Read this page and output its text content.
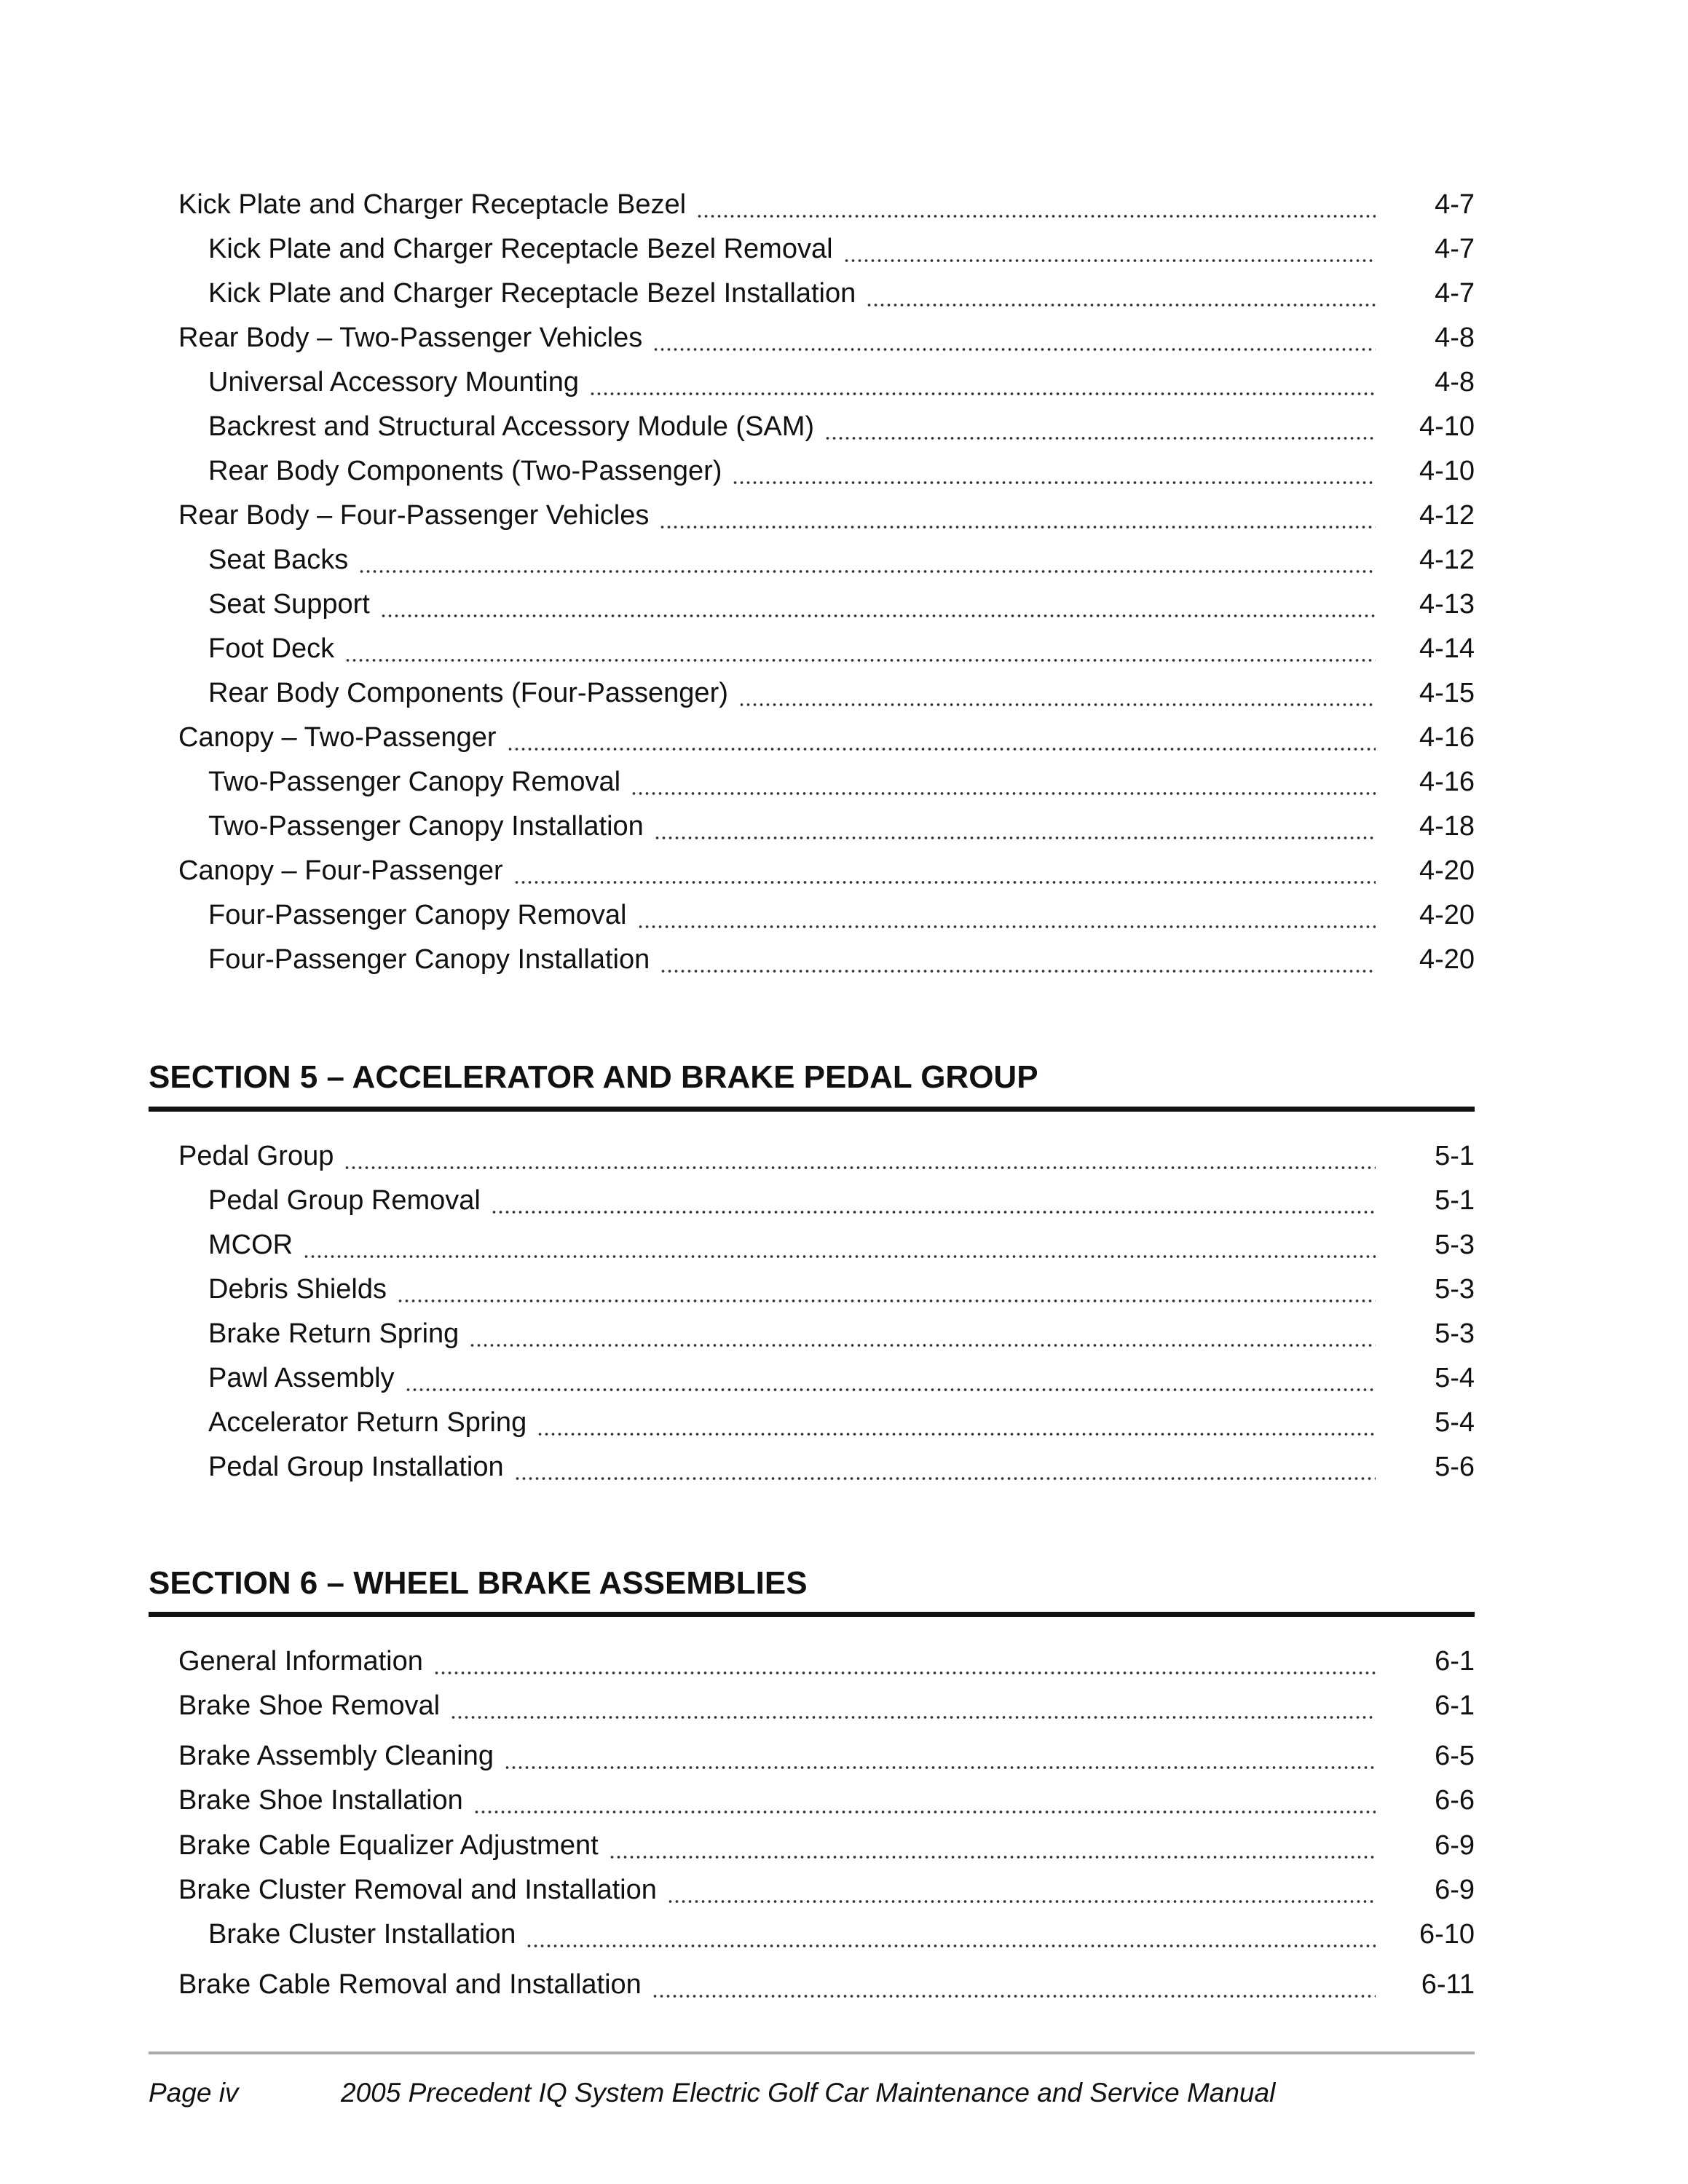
Kick Plate and Charger Receptacle Bezel	4-7
Kick Plate and Charger Receptacle Bezel Removal	4-7
Kick Plate and Charger Receptacle Bezel Installation	4-7
Rear Body – Two-Passenger Vehicles	4-8
Universal Accessory Mounting	4-8
Backrest and Structural Accessory Module (SAM)	4-10
Rear Body Components (Two-Passenger)	4-10
Rear Body – Four-Passenger Vehicles	4-12
Seat Backs	4-12
Seat Support	4-13
Foot Deck	4-14
Rear Body Components (Four-Passenger)	4-15
Canopy – Two-Passenger	4-16
Two-Passenger Canopy Removal	4-16
Two-Passenger Canopy Installation	4-18
Canopy – Four-Passenger	4-20
Four-Passenger Canopy Removal	4-20
Four-Passenger Canopy Installation	4-20
SECTION 5 – ACCELERATOR AND BRAKE PEDAL GROUP
Pedal Group	5-1
Pedal Group Removal	5-1
MCOR	5-3
Debris Shields	5-3
Brake Return Spring	5-3
Pawl Assembly	5-4
Accelerator Return Spring	5-4
Pedal Group Installation	5-6
SECTION 6 – WHEEL BRAKE ASSEMBLIES
General Information	6-1
Brake Shoe Removal	6-1
Brake Assembly Cleaning	6-5
Brake Shoe Installation	6-6
Brake Cable Equalizer Adjustment	6-9
Brake Cluster Removal and Installation	6-9
Brake Cluster Installation	6-10
Brake Cable Removal and Installation	6-11
Page iv	2005 Precedent IQ System Electric Golf Car Maintenance and Service Manual
